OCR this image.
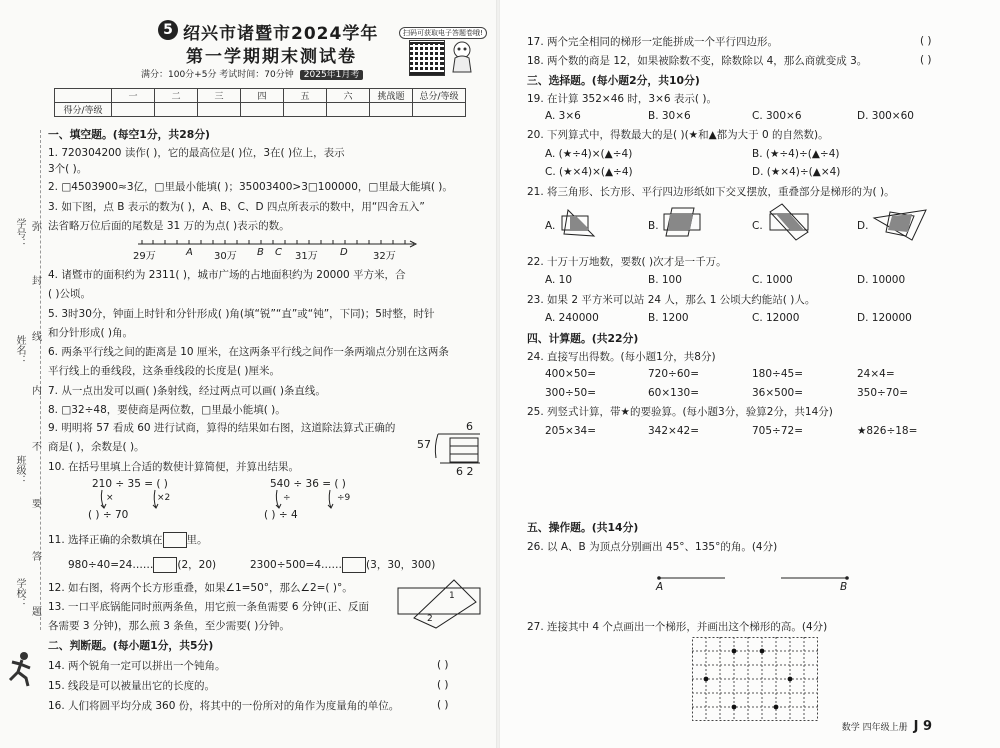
5 绍兴市诸暨市2024学年
第一学期期末测试卷
满分：100分+5分 考试时间：70分钟 2025年1月考
扫码可获取电子答题卷哦!
	一	二	三	四	五	六	挑战题	总分/等级
得分/等级								
学号：
姓名：
班级：
学校：
弥
封
线
内
不
要
答
题
一、填空题。(每空1分，共28分)
1. 720304200 读作( )，它的最高位是( )位，3在( )位上，表示
3个( )。
2. □4503900≈3亿，□里最小能填( )；35003400>3□100000，□里最大能填( )。
3. 如下图，点 B 表示的数为( )，A、B、C、D 四点所表示的数中，用“四舍五入”
法省略万位后面的尾数是 31 万的为点( )表示的数。
29万	A 30万 B C 31万 D	32万
4. 诸暨市的面积约为 2311( )，城市广场的占地面积约为 20000 平方米，合
( )公顷。
5. 3时30分，钟面上时针和分针形成( )角(填“锐”“直”或“钝”，下同)；5时整，时针
和分针形成( )角。
6. 两条平行线之间的距离是 10 厘米，在这两条平行线之间作一条两端点分别在这两条
平行线上的垂线段，这条垂线段的长度是( )厘米。
7. 从一点出发可以画( )条射线，经过两点可以画( )条直线。
8. □32÷48，要使商是两位数，□里最小能填( )。
9. 明明将 57 看成 60 进行试商，算得的结果如右图，这道除法算式正确的
商是( )，余数是( )。
6
57
6 2
10. 在括号里填上合适的数使计算简便，并算出结果。
210 ÷ 35 = ( )
×	×2
( ) ÷ 70
540 ÷ 36 = ( )
÷	÷9
( ) ÷ 4
11. 选择正确的余数填在 里。
980÷40=24…… (2，20)	2300÷500=4…… (3，30，300)
12. 如右图，将两个长方形重叠，如果∠1=50°，那么∠2=( )°。
1
2
13. 一口平底锅能同时煎两条鱼，用它煎一条鱼需要 6 分钟(正、反面
各需要 3 分钟)，那么煎 3 条鱼，至少需要( )分钟。
二、判断题。(每小题1分，共5分)
14. 两个锐角一定可以拼出一个钝角。	( )
15. 线段是可以被量出它的长度的。	( )
16. 人们将圆平均分成 360 份，将其中的一份所对的角作为度量角的单位。	( )
17. 两个完全相同的梯形一定能拼成一个平行四边形。	( )
18. 两个数的商是 12，如果被除数不变，除数除以 4，那么商就变成 3。	( )
三、选择题。(每小题2分，共10分)
19. 在计算 352×46 时，3×6 表示( )。
A. 3×6	B. 30×6	C. 300×6	D. 300×60
20. 下列算式中，得数最大的是( )(★和▲都为大于 0 的自然数)。
A. (★÷4)×(▲÷4)	B. (★÷4)÷(▲÷4)
C. (★×4)×(▲÷4)	D. (★×4)÷(▲×4)
21. 将三角形、长方形、平行四边形纸如下交叉摆放，重叠部分是梯形的为( )。
A.	B.	C.	D.
22. 十万十万地数，要数( )次才是一千万。
A. 10	B. 100	C. 1000	D. 10000
23. 如果 2 平方米可以站 24 人，那么 1 公顷大约能站( )人。
A. 240000	B. 1200	C. 12000	D. 120000
四、计算题。(共22分)
24. 直接写出得数。(每小题1分，共8分)
400×50=	720÷60=	180÷45=	24×4=
300÷50=	60×130=	36×500=	350÷70=
25. 列竖式计算，带★的要验算。(每小题3分，验算2分，共14分)
205×34=	342×42=	705÷72=	★826÷18=
五、操作题。(共14分)
26. 以 A、B 为顶点分别画出 45°、135°的角。(4分)
A	B
27. 连接其中 4 个点画出一个梯形，并画出这个梯形的高。(4分)
数学 四年级上册 J 9
